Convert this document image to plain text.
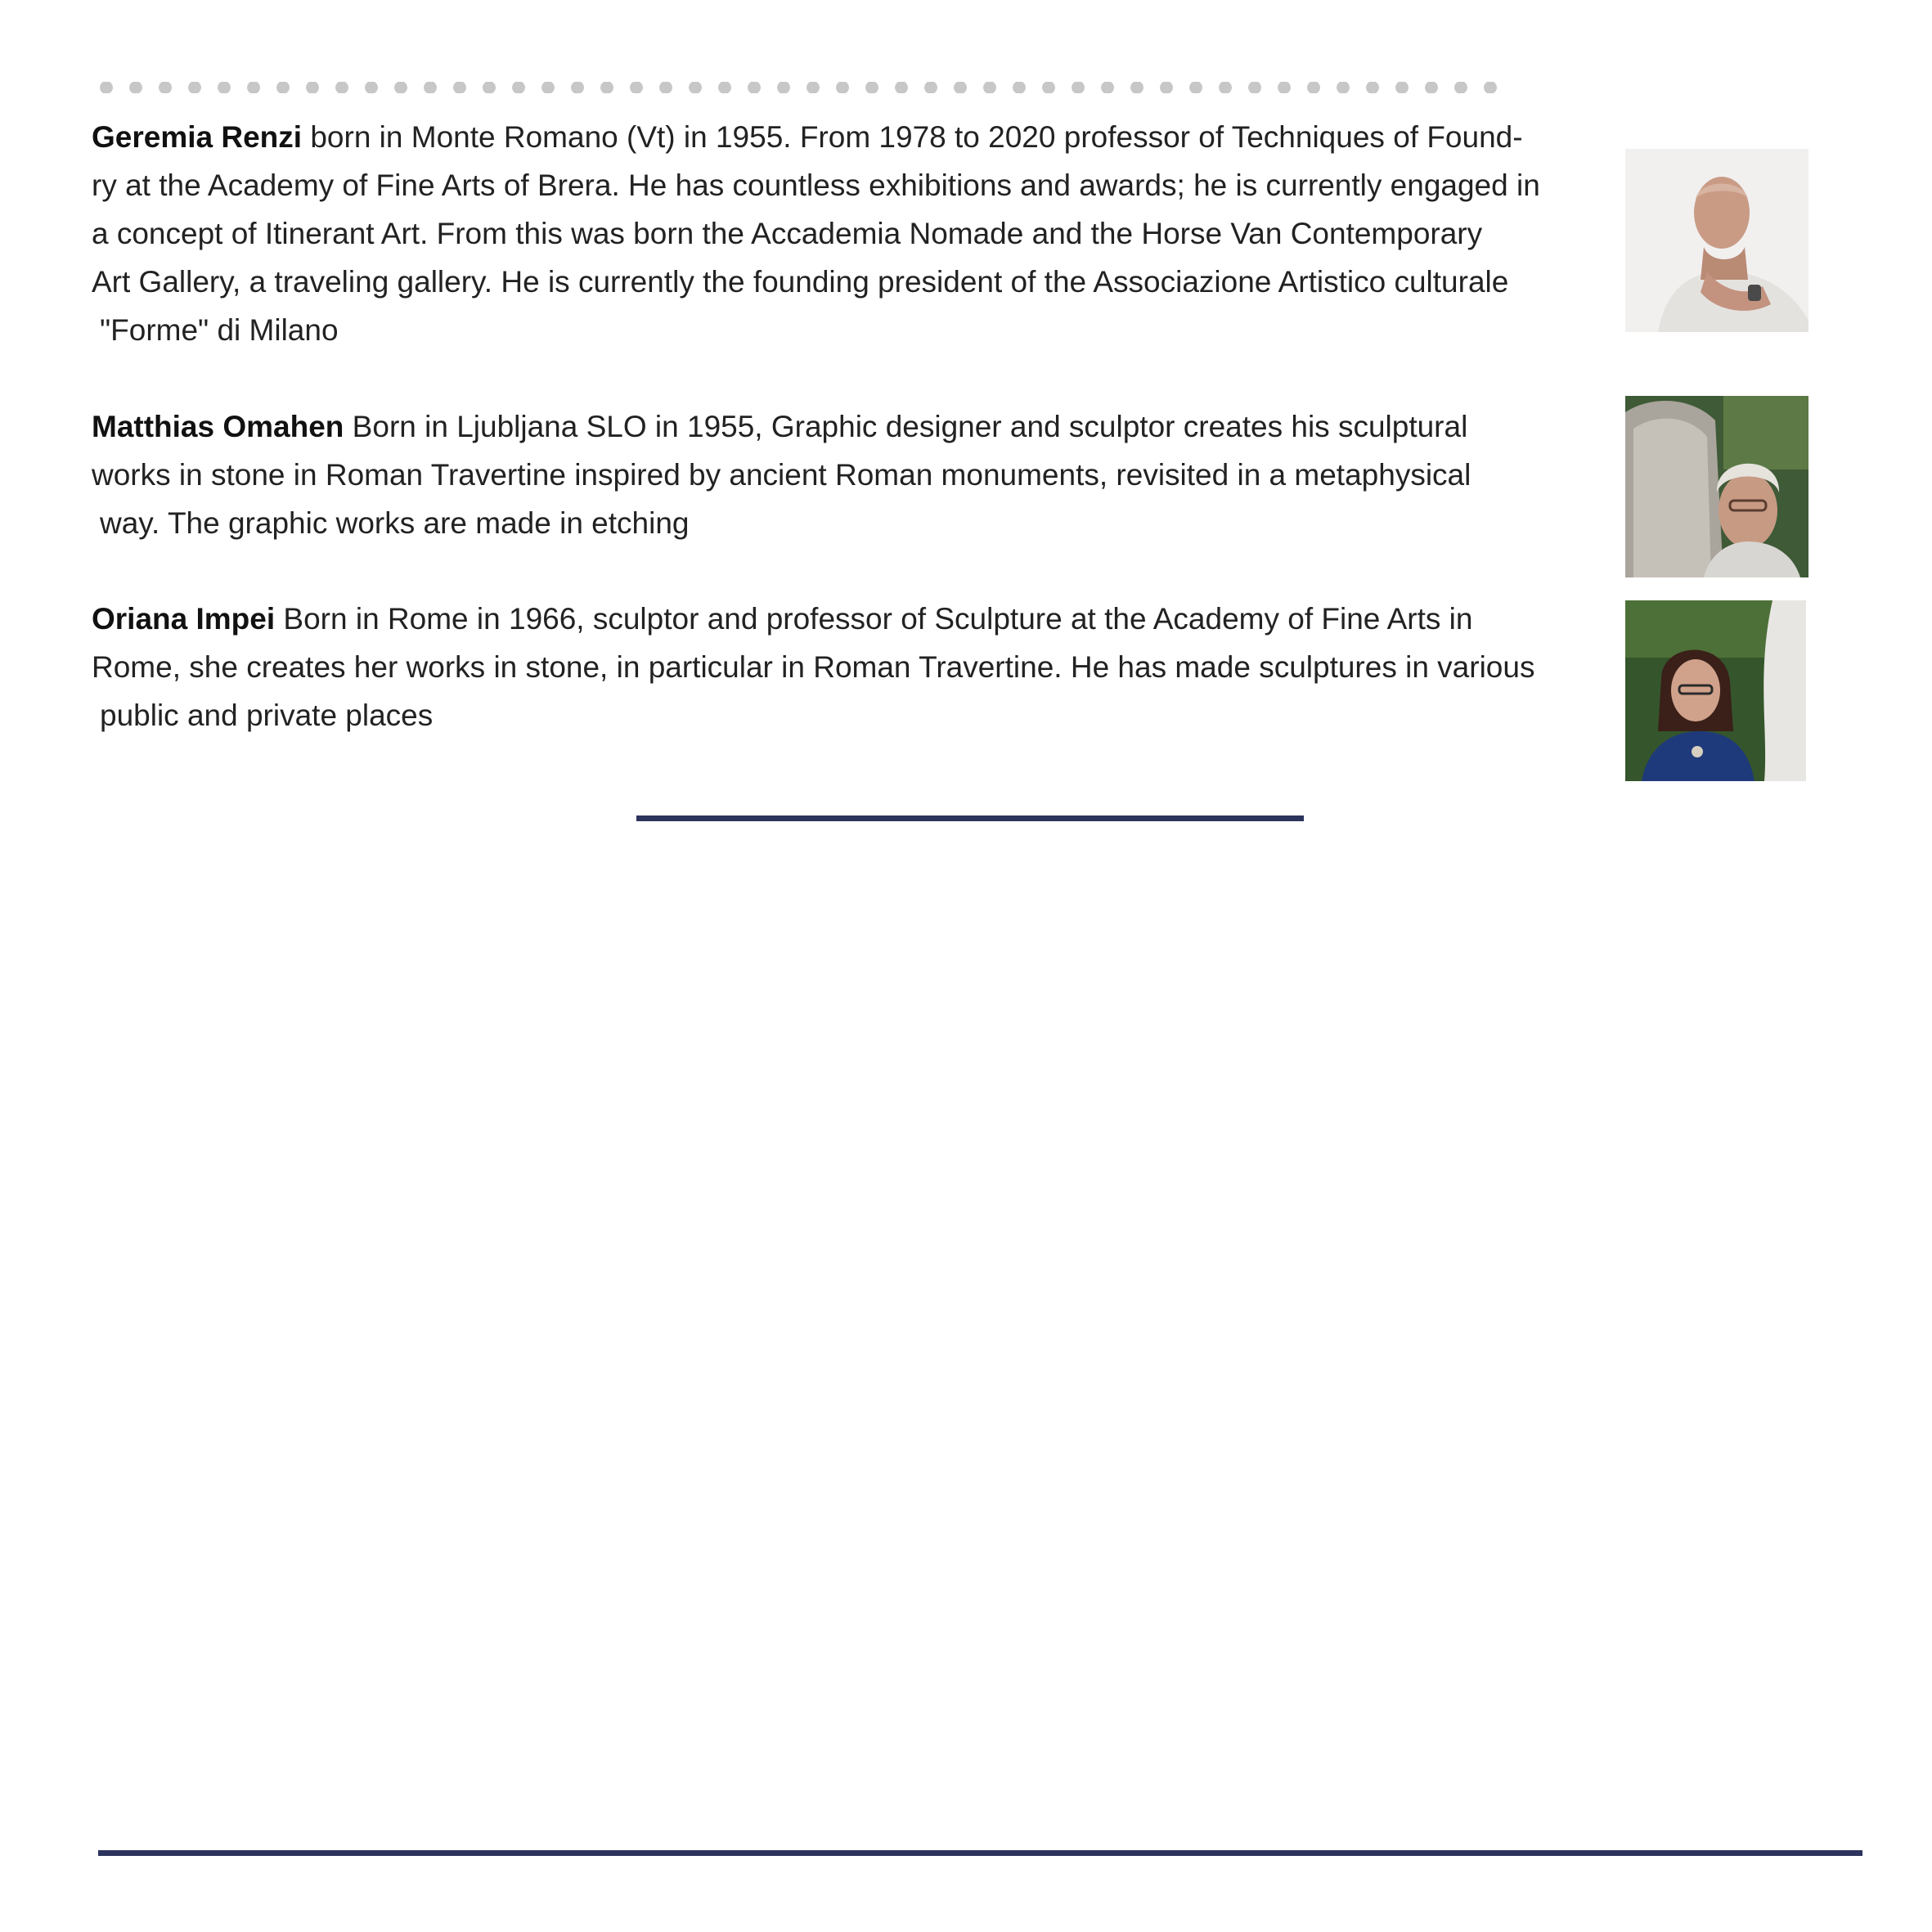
Geremia Renzi born in Monte Romano (Vt) in 1955. From 1978 to 2020 professor of Techniques of Found-
ry at the Academy of Fine Arts of Brera. He has countless exhibitions and awards; he is currently engaged in
a concept of Itinerant Art. From this was born the Accademia Nomade and the Horse Van Contemporary
Art Gallery, a traveling gallery. He is currently the founding president of the Associazione Artistico culturale
"Forme" di Milano
Matthias Omahen Born in Ljubljana SLO in 1955, Graphic designer and sculptor creates his sculptural
works in stone in Roman Travertine inspired by ancient Roman monuments, revisited in a metaphysical
way. The graphic works are made in etching
Oriana Impei Born in Rome in 1966, sculptor and professor of Sculpture at the Academy of Fine Arts in
Rome, she creates her works in stone, in particular in Roman Travertine. He has made sculptures in various
public and private places
